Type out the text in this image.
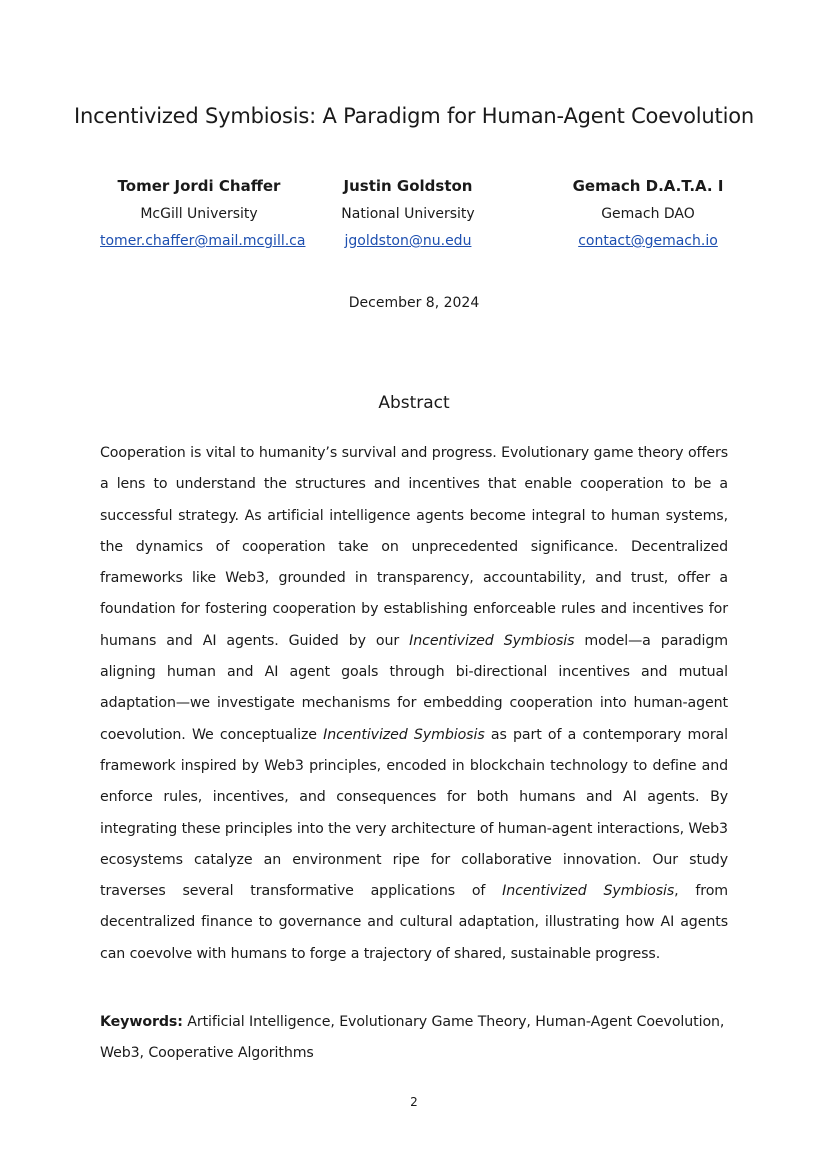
Incentivized Symbiosis: A Paradigm for Human-Agent Coevolution
Tomer Jordi Chaffer
McGill University
tomer.chaffer@mail.mcgill.ca
Justin Goldston
National University
jgoldston@nu.edu
Gemach D.A.T.A. I
Gemach DAO
contact@gemach.io
December 8, 2024
Abstract
Cooperation is vital to humanity’s survival and progress. Evolutionary game theory offers a lens to understand the structures and incentives that enable cooperation to be a successful strategy. As artificial intelligence agents become integral to human systems, the dynamics of cooperation take on unprecedented significance. Decentralized frameworks like Web3, grounded in transparency, accountability, and trust, offer a foundation for fostering cooperation by establishing enforceable rules and incentives for humans and AI agents. Guided by our Incentivized Symbiosis model—a paradigm aligning human and AI agent goals through bi-directional incentives and mutual adaptation—we investigate mechanisms for embedding cooperation into human-agent coevolution. We conceptualize Incentivized Symbiosis as part of a contemporary moral framework inspired by Web3 principles, encoded in blockchain technology to define and enforce rules, incentives, and consequences for both humans and AI agents. By integrating these principles into the very architecture of human-agent interactions, Web3 ecosystems catalyze an environment ripe for collaborative innovation. Our study traverses several transformative applications of Incentivized Symbiosis, from decentralized finance to governance and cultural adaptation, illustrating how AI agents can coevolve with humans to forge a trajectory of shared, sustainable progress.
Keywords: Artificial Intelligence, Evolutionary Game Theory, Human-Agent Coevolution, Web3, Cooperative Algorithms
2
